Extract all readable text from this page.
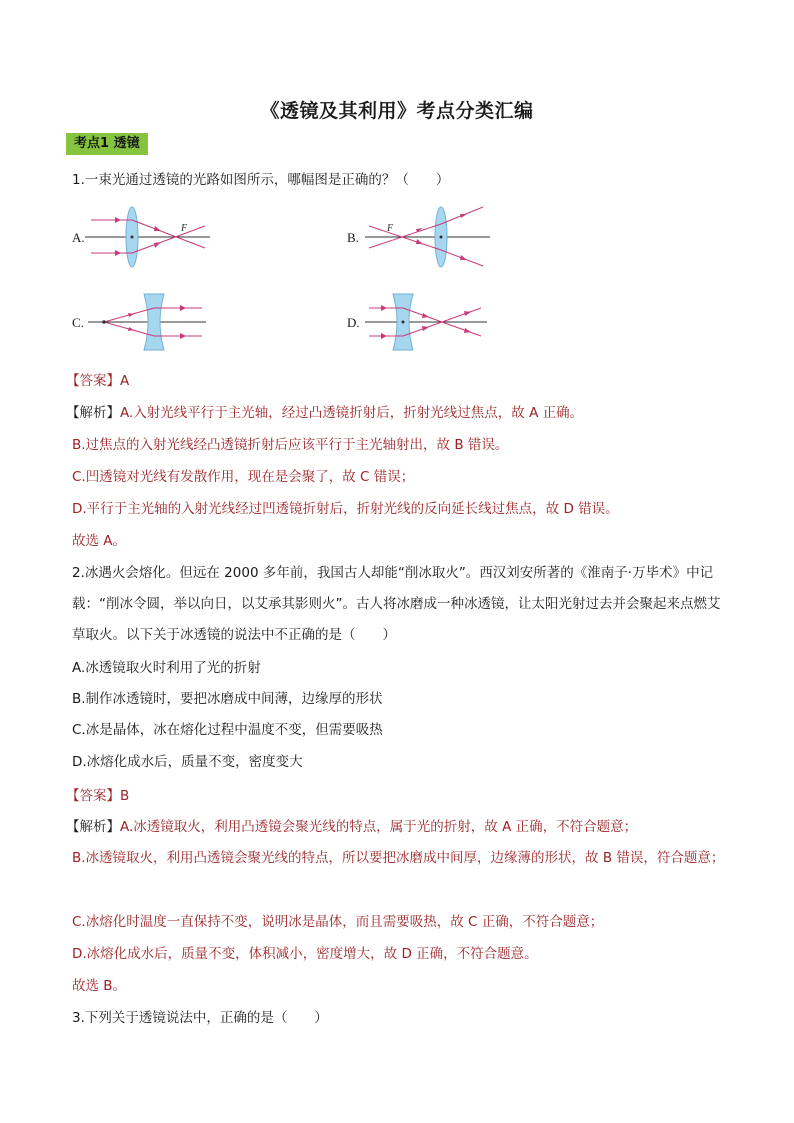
《透镜及其利用》考点分类汇编
考点1 透镜
1.一束光通过透镜的光路如图所示，哪幅图是正确的？（　　）
A.
F
B.
F
C.	D.
【答案】A
【解析】A.入射光线平行于主光轴，经过凸透镜折射后，折射光线过焦点，故 A 正确。
B.过焦点的入射光线经凸透镜折射后应该平行于主光轴射出，故 B 错误。
C.凹透镜对光线有发散作用，现在是会聚了，故 C 错误；
D.平行于主光轴的入射光线经过凹透镜折射后，折射光线的反向延长线过焦点，故 D 错误。
故选 A。
2.冰遇火会熔化。但远在 2000 多年前，我国古人却能“削冰取火”。西汉刘安所著的《淮南子·万毕术》中记载：“削冰令圆，举以向日，以艾承其影则火”。古人将冰磨成一种冰透镜，让太阳光射过去并会聚起来点燃艾草取火。以下关于冰透镜的说法中不正确的是（　　）
A.冰透镜取火时利用了光的折射
B.制作冰透镜时，要把冰磨成中间薄，边缘厚的形状
C.冰是晶体，冰在熔化过程中温度不变，但需要吸热
D.冰熔化成水后，质量不变，密度变大
【答案】B
【解析】A.冰透镜取火，利用凸透镜会聚光线的特点，属于光的折射，故 A 正确，不符合题意；
B.冰透镜取火，利用凸透镜会聚光线的特点，所以要把冰磨成中间厚，边缘薄的形状，故 B 错误，符合题意；
C.冰熔化时温度一直保持不变，说明冰是晶体，而且需要吸热，故 C 正确，不符合题意；
D.冰熔化成水后，质量不变，体积减小，密度增大，故 D 正确，不符合题意。
故选 B。
3.下列关于透镜说法中，正确的是（　　）
